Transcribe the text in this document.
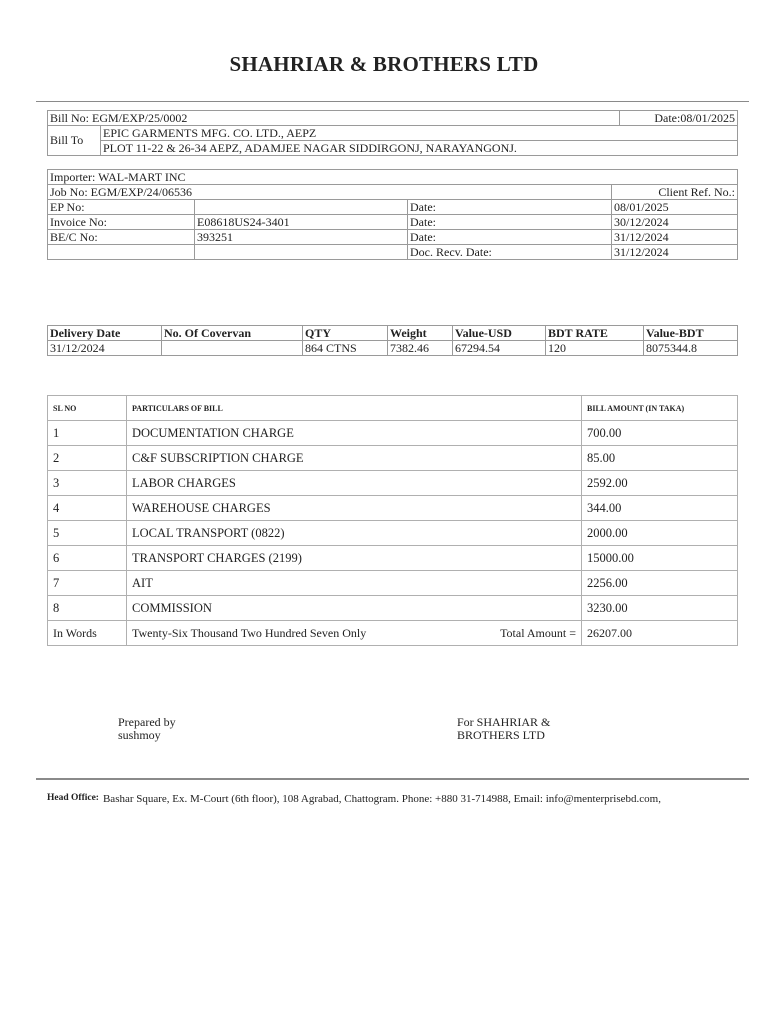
SHAHRIAR & BROTHERS LTD
Bill No: EGM/EXP/25/0002		Date:08/01/2025
Bill To	EPIC GARMENTS MFG. CO. LTD., AEPZ	
	PLOT 11-22 & 26-34 AEPZ, ADAMJEE NAGAR SIDDIRGONJ, NARAYANGONJ.	
Importer: WAL-MART INC			
Job No: EGM/EXP/24/06536			Client Ref. No.:
EP No:		Date:	08/01/2025
Invoice No:	E08618US24-3401	Date:	30/12/2024
BE/C No:	393251	Date:	31/12/2024
		Doc. Recv. Date:	31/12/2024
Delivery Date	No. Of Covervan	QTY	Weight	Value-USD	BDT RATE	Value-BDT
31/12/2024		864 CTNS	7382.46	67294.54	120	8075344.8
SL NO	PARTICULARS OF BILL	BILL AMOUNT (IN TAKA)
1	DOCUMENTATION CHARGE	700.00
2	C&F SUBSCRIPTION CHARGE	85.00
3	LABOR CHARGES	2592.00
4	WAREHOUSE CHARGES	344.00
5	LOCAL TRANSPORT (0822)	2000.00
6	TRANSPORT CHARGES (2199)	15000.00
7	AIT	2256.00
8	COMMISSION	3230.00
In Words	Twenty-Six Thousand Two Hundred Seven Only Total Amount =	26207.00
Prepared by
sushmoy
For SHAHRIAR &
BROTHERS LTD
Head Office: Bashar Square, Ex. M-Court (6th floor), 108 Agrabad, Chattogram. Phone: +880 31-714988, Email: info@menterprisebd.com,
